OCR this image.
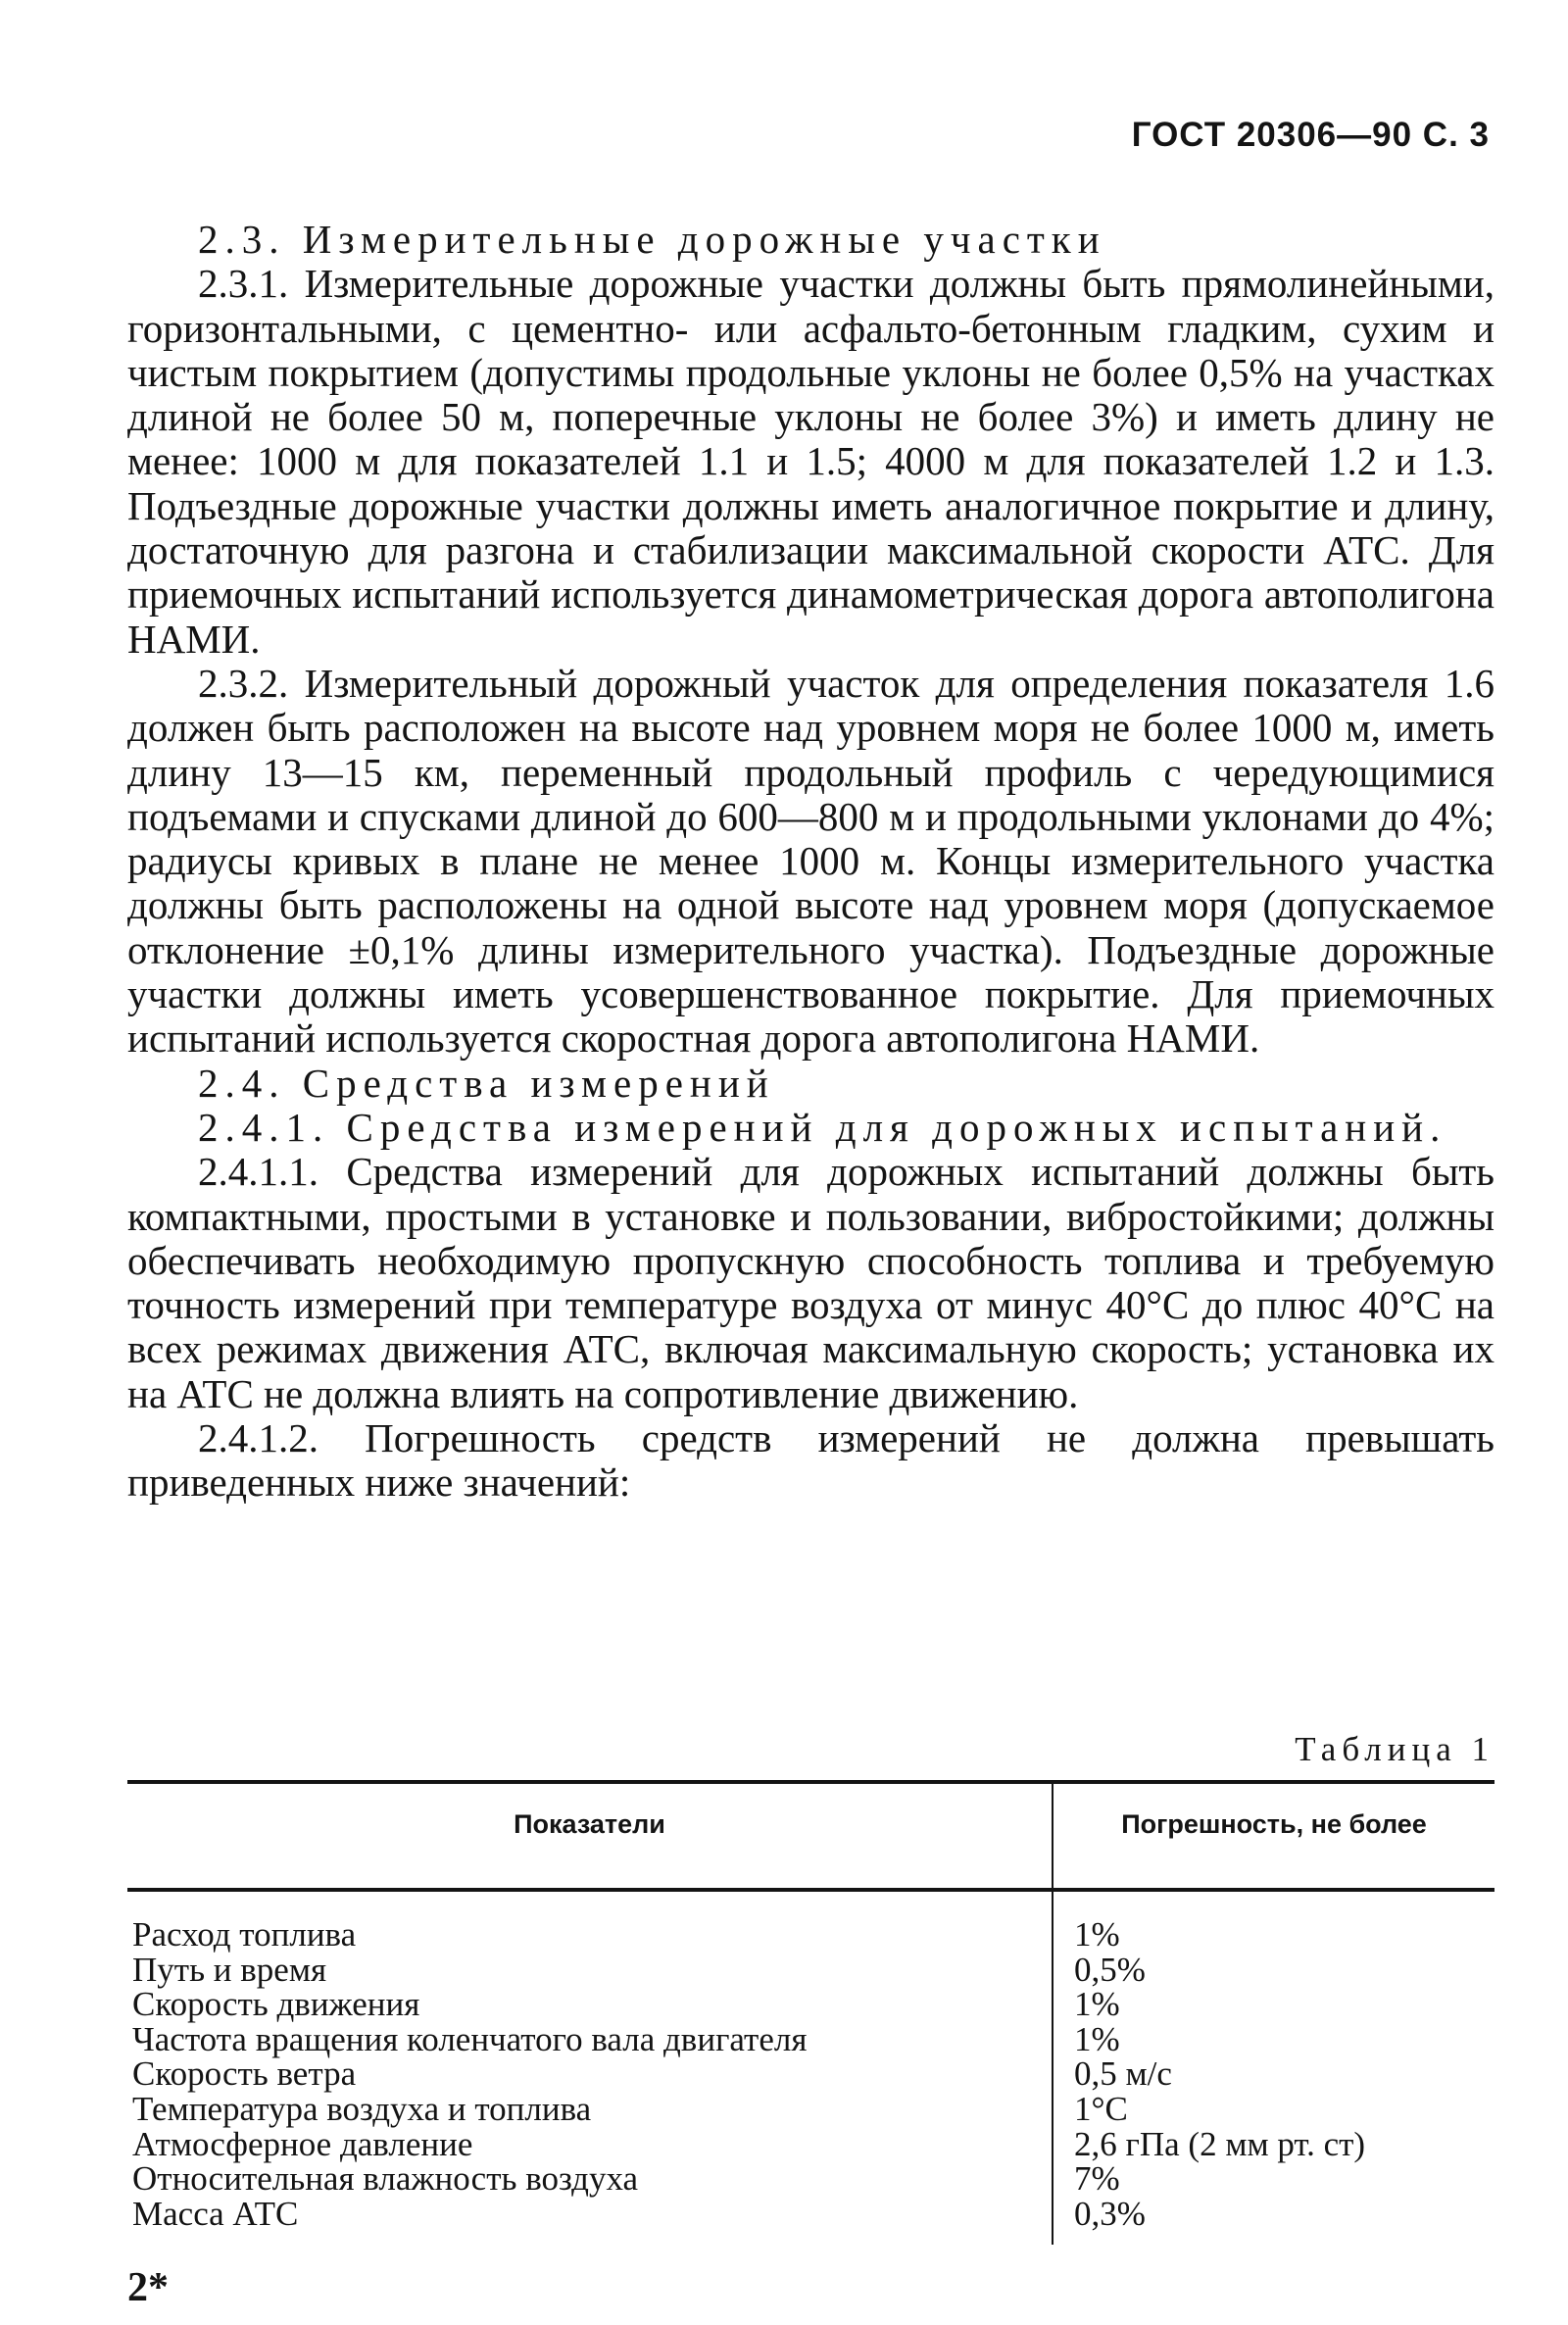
ГОСТ 20306—90 С. 3

2.3. Измерительные дорожные участки

2.3.1. Измерительные дорожные участки должны быть прямолинейными, горизонтальными, с цементно- или асфальто-бетонным гладким, сухим и чистым покрытием (допустимы продольные уклоны не более 0,5% на участках длиной не более 50 м, поперечные уклоны не более 3%) и иметь длину не менее: 1000 м для показателей 1.1 и 1.5; 4000 м для показателей 1.2 и 1.3. Подъездные дорожные участки должны иметь аналогичное покрытие и длину, достаточную для разгона и стабилизации максимальной скорости АТС. Для приемочных испытаний используется динамометрическая дорога автополигона НАМИ.

2.3.2. Измерительный дорожный участок для определения показателя 1.6 должен быть расположен на высоте над уровнем моря не более 1000 м, иметь длину 13—15 км, переменный продольный профиль с чередующимися подъемами и спусками длиной до 600—800 м и продольными уклонами до 4%; радиусы кривых в плане не менее 1000 м. Концы измерительного участка должны быть расположены на одной высоте над уровнем моря (допускаемое отклонение ±0,1% длины измерительного участка). Подъездные дорожные участки должны иметь усовершенствованное покрытие. Для приемочных испытаний используется скоростная дорога автополигона НАМИ.

2.4. Средства измерений

2.4.1. Средства измерений для дорожных испытаний.

2.4.1.1. Средства измерений для дорожных испытаний должны быть компактными, простыми в установке и пользовании, вибростойкими; должны обеспечивать необходимую пропускную способность топлива и требуемую точность измерений при температуре воздуха от минус 40°С до плюс 40°С на всех режимах движения АТС, включая максимальную скорость; установка их на АТС не должна влиять на сопротивление движению.

2.4.1.2. Погрешность средств измерений не должна превышать приведенных ниже значений:

Таблица 1
Показатели	Погрешность, не более
Расход топлива	1%
Путь и время	0,5%
Скорость движения	1%
Частота вращения коленчатого вала двигателя	1%
Скорость ветра	0,5 м/с
Температура воздуха и топлива	1°С
Атмосферное давление	2,6 гПа (2 мм рт. ст)
Относительная влажность воздуха	7%
Масса АТС	0,3%
2*
